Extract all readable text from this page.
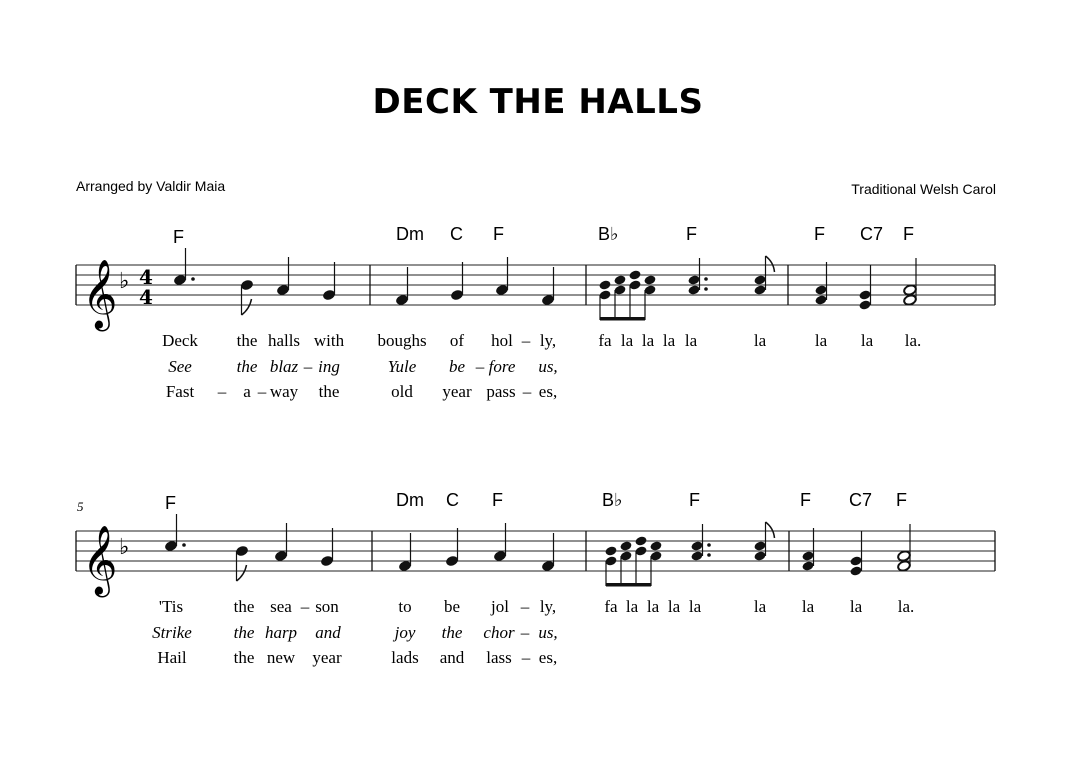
DECK THE HALLS
Arranged by Valdir Maia	Traditional Welsh Carol
F	Dm C F	B♭	F	F C7 F
𝄞 ♭ 4
4
Deck the halls with boughs of hol – ly, fa la la la la	la	la la la.
See	the blaz – ing	Yule be – fore us,
Fast – a – way the	old year pass – es,
5	F	Dm C F	B♭	F	F C7 F
𝄞 ♭
'Tis	the sea – son	to be jol – ly,	fa la la la la	la la la la.
Strike the harp and	joy the chor – us,
Hail	the new year	lads and lass – es,
